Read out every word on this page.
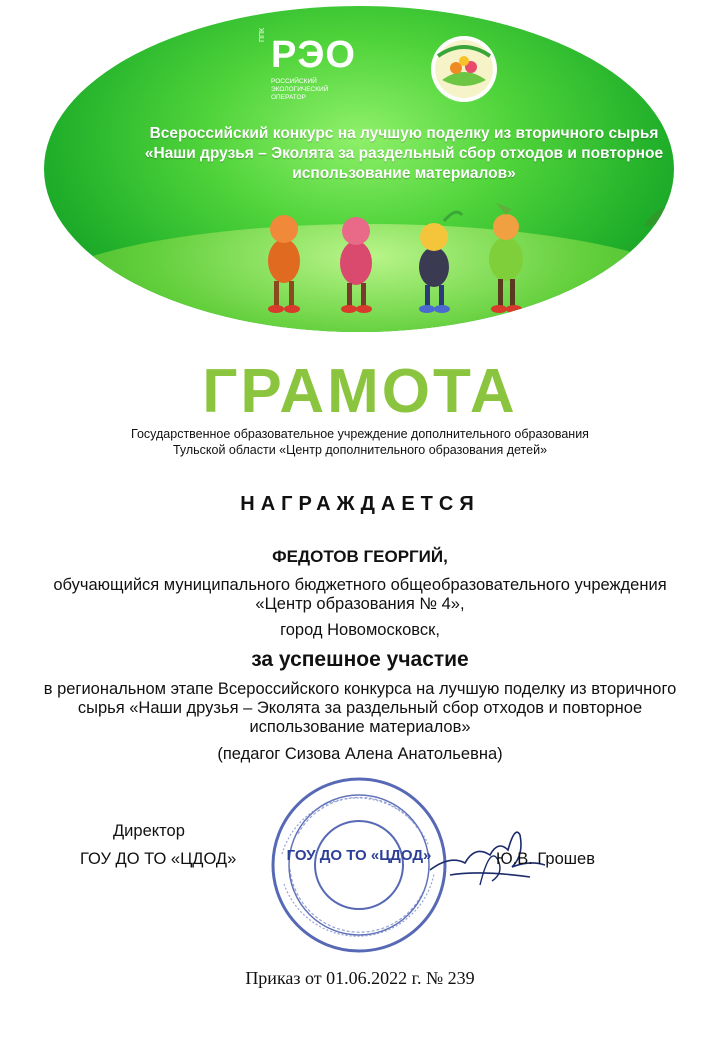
ППК РЭО
РОССИЙСКИЙ ЭКОЛОГИЧЕСКИЙ ОПЕРАТОР
Всероссийский конкурс на лучшую поделку из вторичного сырья «Наши друзья – Эколята за раздельный сбор отходов и повторное использование материалов»
ГРАМОТА
Государственное образовательное учреждение дополнительного образования
Тульской области «Центр дополнительного образования детей»
НАГРАЖДАЕТСЯ
ФЕДОТОВ ГЕОРГИЙ,
обучающийся муниципального бюджетного общеобразовательного учреждения «Центр образования № 4»,
город Новомосковск,
за успешное участие
в региональном этапе Всероссийского конкурса на лучшую поделку из вторичного сырья «Наши друзья – Эколята за раздельный сбор отходов и повторное использование материалов»
(педагог Сизова Алена Анатольевна)
ГОУ ДО ТО «ЦДОД»
Директор
ГОУ ДО ТО «ЦДОД»	Ю.В. Грошев
Приказ от 01.06.2022 г. № 239
